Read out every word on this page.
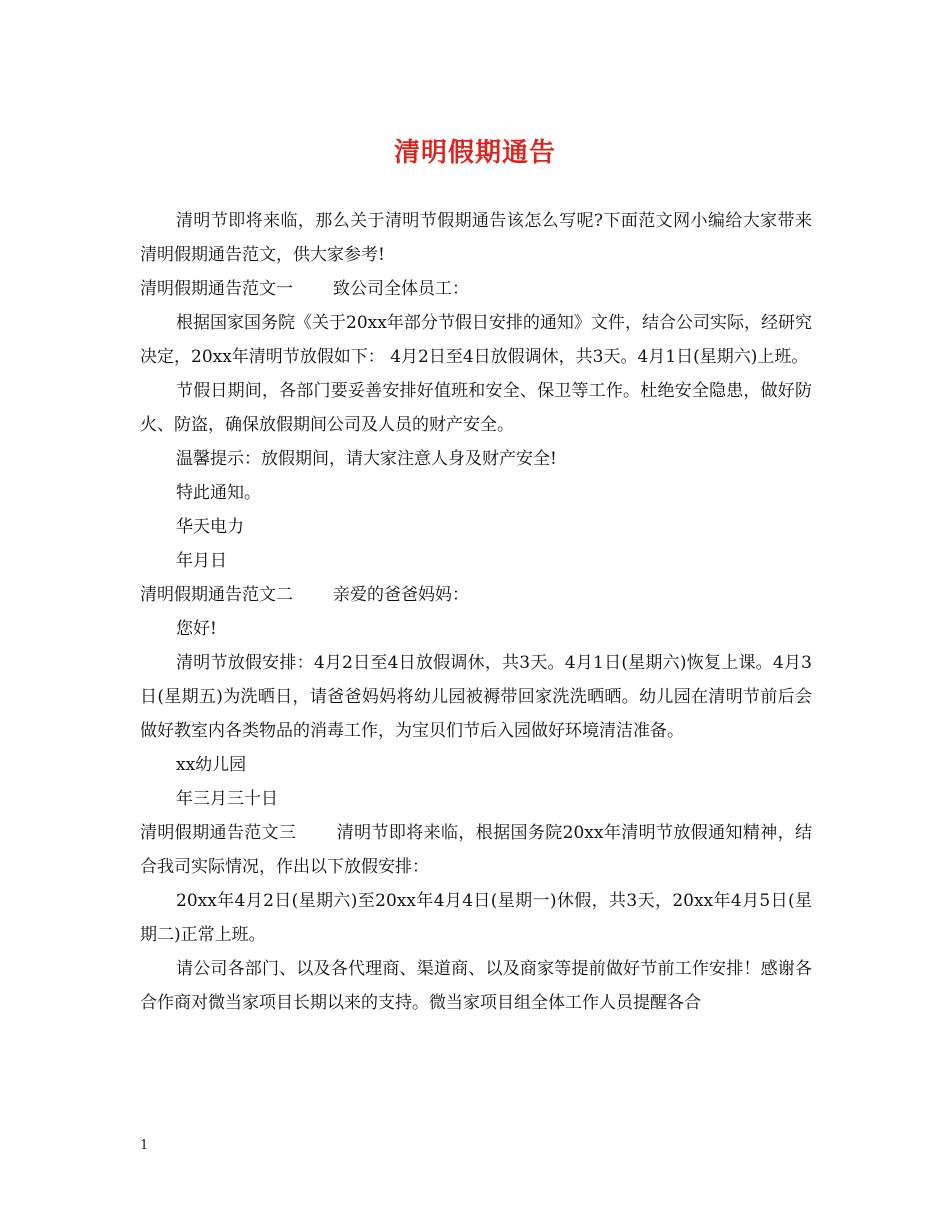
清明假期通告

清明节即将来临，那么关于清明节假期通告该怎么写呢?下面范文网小编给大家带来清明假期通告范文，供大家参考!

清明假期通告范文一 致公司全体员工：

根据国家国务院《关于20xx年部分节假日安排的通知》文件，结合公司实际，经研究决定，20xx年清明节放假如下： 4月2日至4日放假调休，共3天。4月1日(星期六)上班。

节假日期间，各部门要妥善安排好值班和安全、保卫等工作。杜绝安全隐患，做好防火、防盗，确保放假期间公司及人员的财产安全。

温馨提示：放假期间，请大家注意人身及财产安全!

特此通知。

华天电力

年月日

清明假期通告范文二 亲爱的爸爸妈妈：

您好!

清明节放假安排：4月2日至4日放假调休，共3天。4月1日(星期六)恢复上课。4月3日(星期五)为洗晒日，请爸爸妈妈将幼儿园被褥带回家洗洗晒晒。幼儿园在清明节前后会做好教室内各类物品的消毒工作，为宝贝们节后入园做好环境清洁准备。

xx幼儿园

年三月三十日

清明假期通告范文三 清明节即将来临，根据国务院20xx年清明节放假通知精神，结合我司实际情况，作出以下放假安排：

20xx年4月2日(星期六)至20xx年4月4日(星期一)休假，共3天，20xx年4月5日(星期二)正常上班。

请公司各部门、以及各代理商、渠道商、以及商家等提前做好节前工作安排！感谢各合作商对微当家项目长期以来的支持。微当家项目组全体工作人员提醒各合

1
